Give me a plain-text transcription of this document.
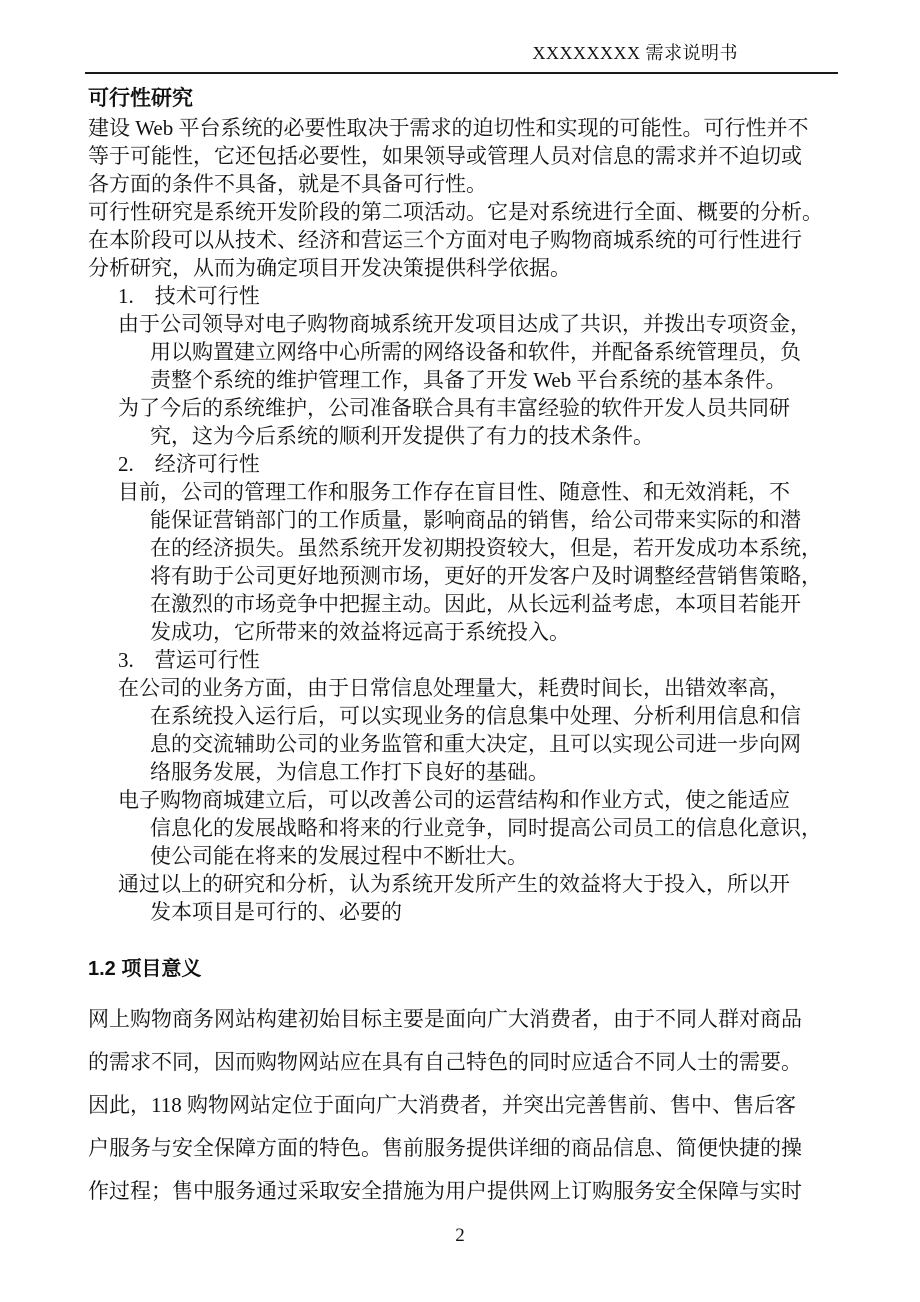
XXXXXXXX 需求说明书
可行性研究
建设 Web 平台系统的必要性取决于需求的迫切性和实现的可能性。可行性并不
等于可能性，它还包括必要性，如果领导或管理人员对信息的需求并不迫切或
各方面的条件不具备，就是不具备可行性。
可行性研究是系统开发阶段的第二项活动。它是对系统进行全面、概要的分析。
在本阶段可以从技术、经济和营运三个方面对电子购物商城系统的可行性进行
分析研究，从而为确定项目开发决策提供科学依据。
1.　技术可行性
由于公司领导对电子购物商城系统开发项目达成了共识，并拨出专项资金，
用以购置建立网络中心所需的网络设备和软件，并配备系统管理员，负
责整个系统的维护管理工作，具备了开发 Web 平台系统的基本条件。
为了今后的系统维护，公司准备联合具有丰富经验的软件开发人员共同研
究，这为今后系统的顺利开发提供了有力的技术条件。
2.　经济可行性
目前，公司的管理工作和服务工作存在盲目性、随意性、和无效消耗，不
能保证营销部门的工作质量，影响商品的销售，给公司带来实际的和潜
在的经济损失。虽然系统开发初期投资较大，但是，若开发成功本系统，
将有助于公司更好地预测市场，更好的开发客户及时调整经营销售策略，
在激烈的市场竞争中把握主动。因此，从长远利益考虑，本项目若能开
发成功，它所带来的效益将远高于系统投入。
3.　营运可行性
在公司的业务方面，由于日常信息处理量大，耗费时间长，出错效率高，
在系统投入运行后，可以实现业务的信息集中处理、分析利用信息和信
息的交流辅助公司的业务监管和重大决定，且可以实现公司进一步向网
络服务发展，为信息工作打下良好的基础。
电子购物商城建立后，可以改善公司的运营结构和作业方式，使之能适应
信息化的发展战略和将来的行业竞争，同时提高公司员工的信息化意识，
使公司能在将来的发展过程中不断壮大。
通过以上的研究和分析，认为系统开发所产生的效益将大于投入，所以开
发本项目是可行的、必要的
1.2 项目意义
网上购物商务网站构建初始目标主要是面向广大消费者，由于不同人群对商品
的需求不同，因而购物网站应在具有自己特色的同时应适合不同人士的需要。
因此，118 购物网站定位于面向广大消费者，并突出完善售前、售中、售后客
户服务与安全保障方面的特色。售前服务提供详细的商品信息、简便快捷的操
作过程；售中服务通过采取安全措施为用户提供网上订购服务安全保障与实时
2
